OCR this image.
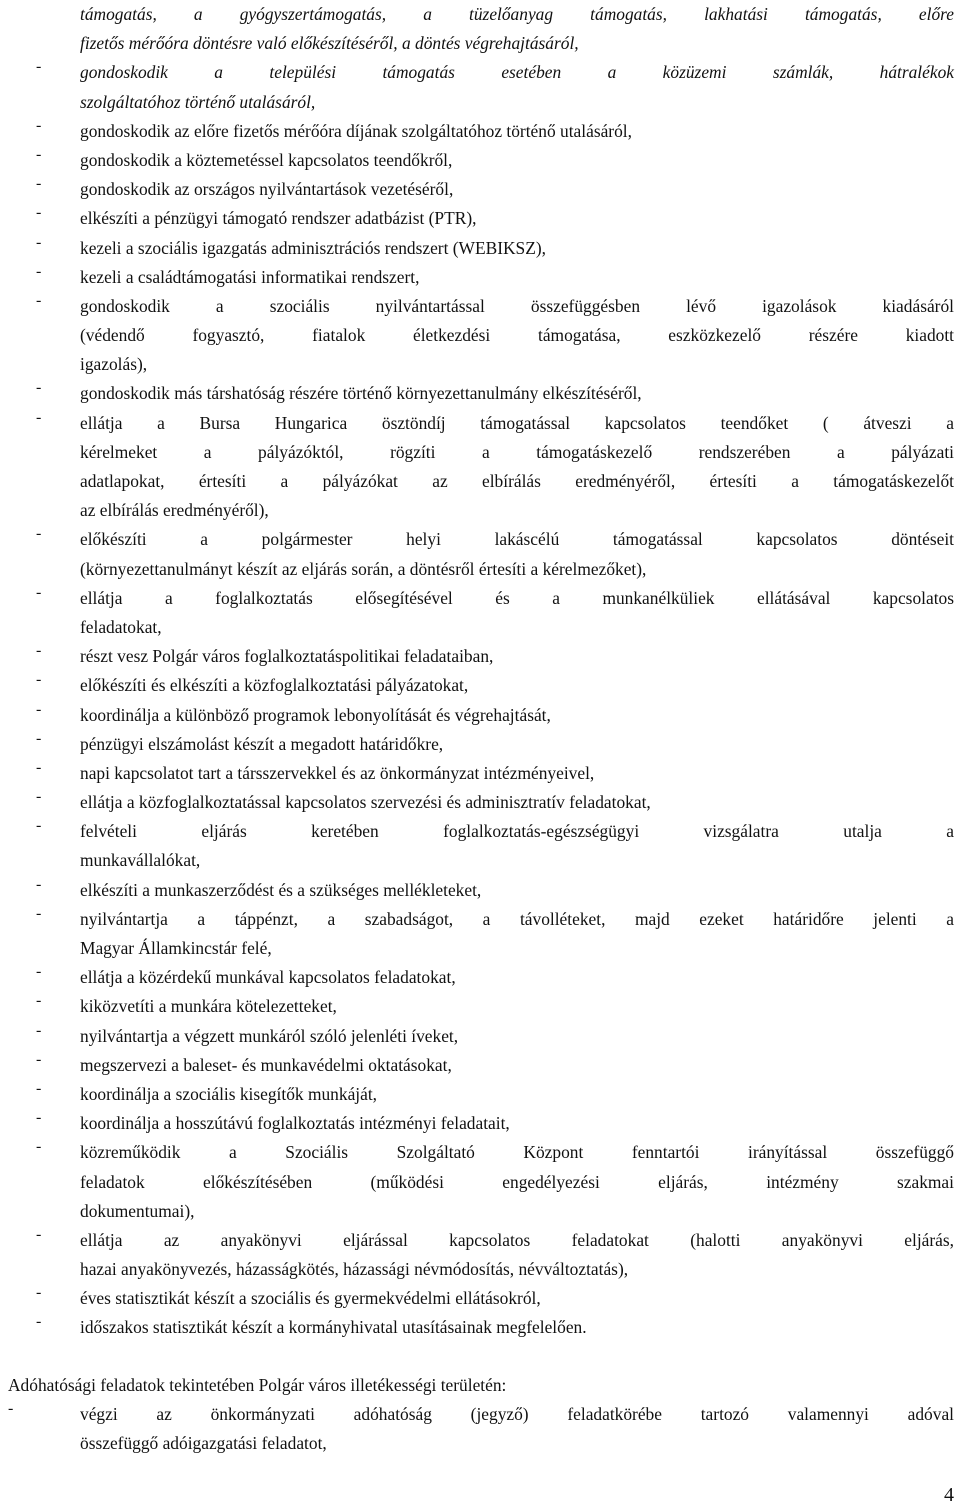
támogatás, a gyógyszertámogatás, a tüzelőanyag támogatás, lakhatási támogatás, előre
fizetős mérőóra döntésre való előkészítéséről, a döntés végrehajtásáról,
-	gondoskodik a települési támogatás esetében a közüzemi számlák, hátralékok
szolgáltatóhoz történő utalásáról,
-	gondoskodik az előre fizetős mérőóra díjának szolgáltatóhoz történő utalásáról,
-	gondoskodik a köztemetéssel kapcsolatos teendőkről,
-	gondoskodik az országos nyilvántartások vezetéséről,
-	elkészíti a pénzügyi támogató rendszer adatbázist (PTR),
-	kezeli a szociális igazgatás adminisztrációs rendszert (WEBIKSZ),
-	kezeli a családtámogatási informatikai rendszert,
-	gondoskodik a szociális nyilvántartással összefüggésben lévő igazolások kiadásáról
(védendő fogyasztó, fiatalok életkezdési támogatása, eszközkezelő részére kiadott
igazolás),
-	gondoskodik más társhatóság részére történő környezettanulmány elkészítéséről,
-	ellátja a Bursa Hungarica ösztöndíj támogatással kapcsolatos teendőket ( átveszi a
kérelmeket a pályázóktól, rögzíti a támogatáskezelő rendszerében a pályázati
adatlapokat, értesíti a pályázókat az elbírálás eredményéről, értesíti a támogatáskezelőt
az elbírálás eredményéről),
-	előkészíti a polgármester helyi lakáscélú támogatással kapcsolatos döntéseit
(környezettanulmányt készít az eljárás során, a döntésről értesíti a kérelmezőket),
-	ellátja a foglalkoztatás elősegítésével és a munkanélküliek ellátásával kapcsolatos
feladatokat,
-	részt vesz Polgár város foglalkoztatáspolitikai feladataiban,
-	előkészíti és elkészíti a közfoglalkoztatási pályázatokat,
-	koordinálja a különböző programok lebonyolítását és végrehajtását,
-	pénzügyi elszámolást készít a megadott határidőkre,
-	napi kapcsolatot tart a társszervekkel és az önkormányzat intézményeivel,
-	ellátja a közfoglalkoztatással kapcsolatos szervezési és adminisztratív feladatokat,
-	felvételi eljárás keretében foglalkoztatás-egészségügyi vizsgálatra utalja a
munkavállalókat,
-	elkészíti a munkaszerződést és a szükséges mellékleteket,
-	nyilvántartja a táppénzt, a szabadságot, a távolléteket, majd ezeket határidőre jelenti a
Magyar Államkincstár felé,
-	ellátja a közérdekű munkával kapcsolatos feladatokat,
-	kiközvetíti a munkára kötelezetteket,
-	nyilvántartja a végzett munkáról szóló jelenléti íveket,
-	megszervezi a baleset- és munkavédelmi oktatásokat,
-	koordinálja a szociális kisegítők munkáját,
-	koordinálja a hosszútávú foglalkoztatás intézményi feladatait,
-	közreműködik a Szociális Szolgáltató Központ fenntartói irányítással összefüggő
feladatok előkészítésében (működési engedélyezési eljárás, intézmény szakmai
dokumentumai),
-	ellátja az anyakönyvi eljárással kapcsolatos feladatokat (halotti anyakönyvi eljárás,
hazai anyakönyvezés, házasságkötés, házassági névmódosítás, névváltoztatás),
-	éves statisztikát készít a szociális és gyermekvédelmi ellátásokról,
-	időszakos statisztikát készít a kormányhivatal utasításainak megfelelően.
Adóhatósági feladatok tekintetében Polgár város illetékességi területén:
-	végzi az önkormányzati adóhatóság (jegyző) feladatkörébe tartozó valamennyi adóval
összefüggő adóigazgatási feladatot,
4
